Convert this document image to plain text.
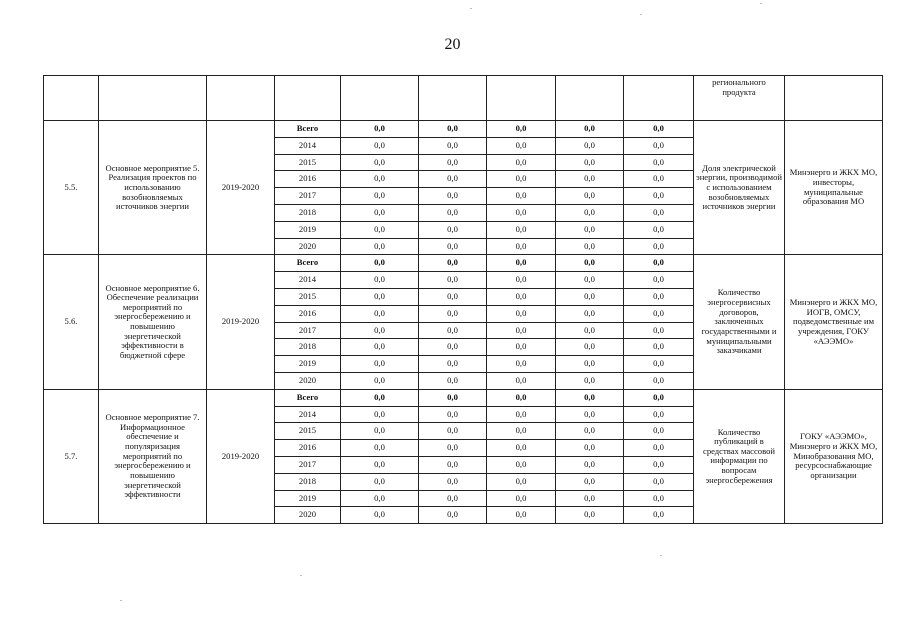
20
									регионального продукта	
5.5.	Основное мероприятие 5. Реализация проектов по использованию возобновляемых источников энергии	2019-2020	Всего	0,0	0,0	0,0	0,0	0,0	Доля электрической энергии, производимой с использованием возобновляемых источников энергии	Минэнерго и ЖКХ МО, инвесторы, муниципальные образования МО
			2014	0,0	0,0	0,0	0,0	0,0		
			2015	0,0	0,0	0,0	0,0	0,0		
			2016	0,0	0,0	0,0	0,0	0,0		
			2017	0,0	0,0	0,0	0,0	0,0		
			2018	0,0	0,0	0,0	0,0	0,0		
			2019	0,0	0,0	0,0	0,0	0,0		
			2020	0,0	0,0	0,0	0,0	0,0		
5.6.	Основное мероприятие 6. Обеспечение реализации мероприятий по энергосбережению и повышению энергетической эффективности в бюджетной сфере	2019-2020	Всего	0,0	0,0	0,0	0,0	0,0	Количество энергосервисных договоров, заключенных государственными и муниципальными заказчиками	Минэнерго и ЖКХ МО, ИОГВ, ОМСУ, подведомственные им учреждения, ГОКУ «АЭЭМО»
			2014	0,0	0,0	0,0	0,0	0,0		
			2015	0,0	0,0	0,0	0,0	0,0		
			2016	0,0	0,0	0,0	0,0	0,0		
			2017	0,0	0,0	0,0	0,0	0,0		
			2018	0,0	0,0	0,0	0,0	0,0		
			2019	0,0	0,0	0,0	0,0	0,0		
			2020	0,0	0,0	0,0	0,0	0,0		
5.7.	Основное мероприятие 7. Информационное обеспечение и популяризация мероприятий по энергосбережению и повышению энергетической эффективности	2019-2020	Всего	0,0	0,0	0,0	0,0	0,0	Количество публикаций в средствах массовой информации по вопросам энергосбережения	ГОКУ «АЭЭМО», Минэнерго и ЖКХ МО, Минобразования МО, ресурсоснабжающие организации
			2014	0,0	0,0	0,0	0,0	0,0		
			2015	0,0	0,0	0,0	0,0	0,0		
			2016	0,0	0,0	0,0	0,0	0,0		
			2017	0,0	0,0	0,0	0,0	0,0		
			2018	0,0	0,0	0,0	0,0	0,0		
			2019	0,0	0,0	0,0	0,0	0,0		
			2020	0,0	0,0	0,0	0,0	0,0		
